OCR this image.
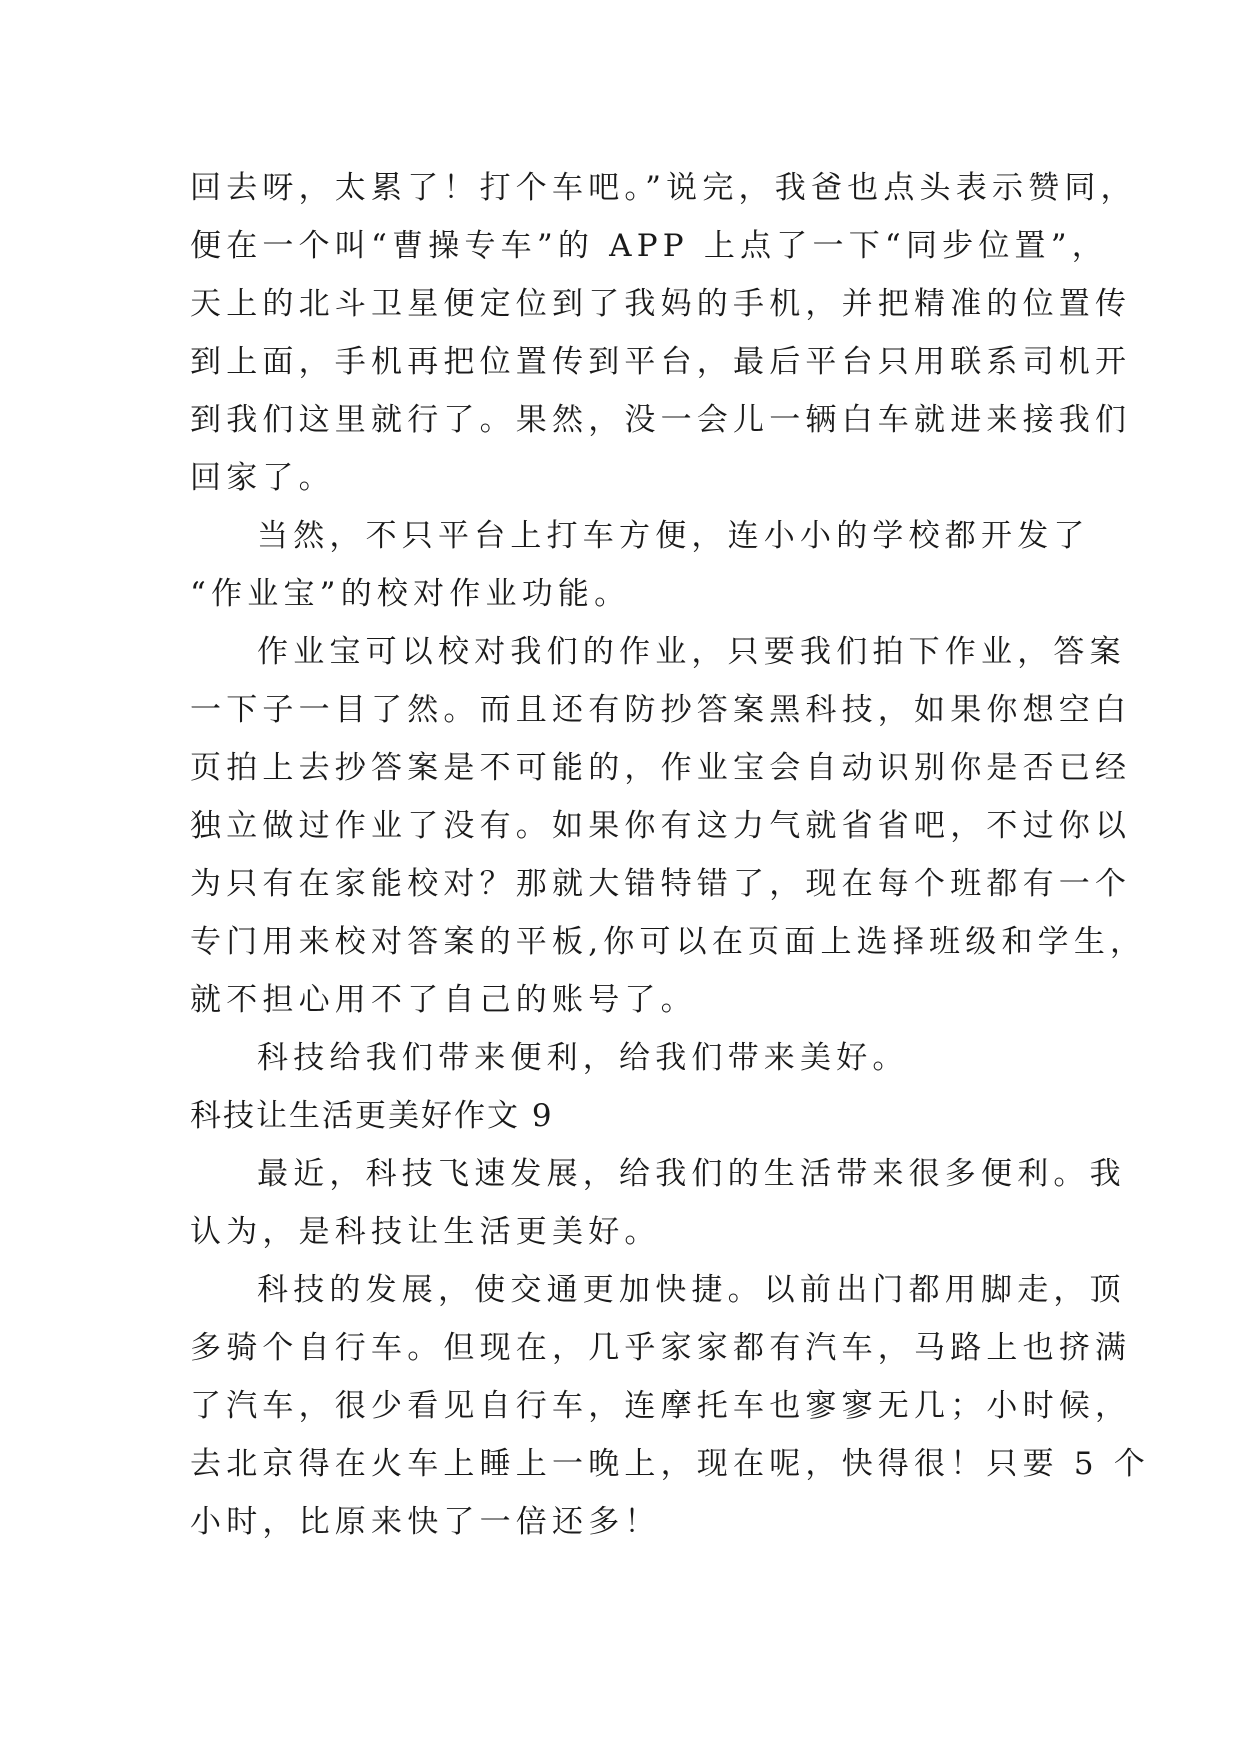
回去呀，太累了！打个车吧。”说完，我爸也点头表示赞同，

便在一个叫“曹操专车”的 APP 上点了一下“同步位置”，

天上的北斗卫星便定位到了我妈的手机，并把精准的位置传

到上面，手机再把位置传到平台，最后平台只用联系司机开

到我们这里就行了。果然，没一会儿一辆白车就进来接我们

回家了。

当然，不只平台上打车方便，连小小的学校都开发了

“作业宝”的校对作业功能。

作业宝可以校对我们的作业，只要我们拍下作业，答案

一下子一目了然。而且还有防抄答案黑科技，如果你想空白

页拍上去抄答案是不可能的，作业宝会自动识别你是否已经

独立做过作业了没有。如果你有这力气就省省吧，不过你以

为只有在家能校对？那就大错特错了，现在每个班都有一个

专门用来校对答案的平板,你可以在页面上选择班级和学生，

就不担心用不了自己的账号了。

科技给我们带来便利，给我们带来美好。

科技让生活更美好作文 9

最近，科技飞速发展，给我们的生活带来很多便利。我

认为，是科技让生活更美好。

科技的发展，使交通更加快捷。以前出门都用脚走，顶

多骑个自行车。但现在，几乎家家都有汽车，马路上也挤满

了汽车，很少看见自行车，连摩托车也寥寥无几；小时候，

去北京得在火车上睡上一晚上，现在呢，快得很！只要 5 个

小时，比原来快了一倍还多！
